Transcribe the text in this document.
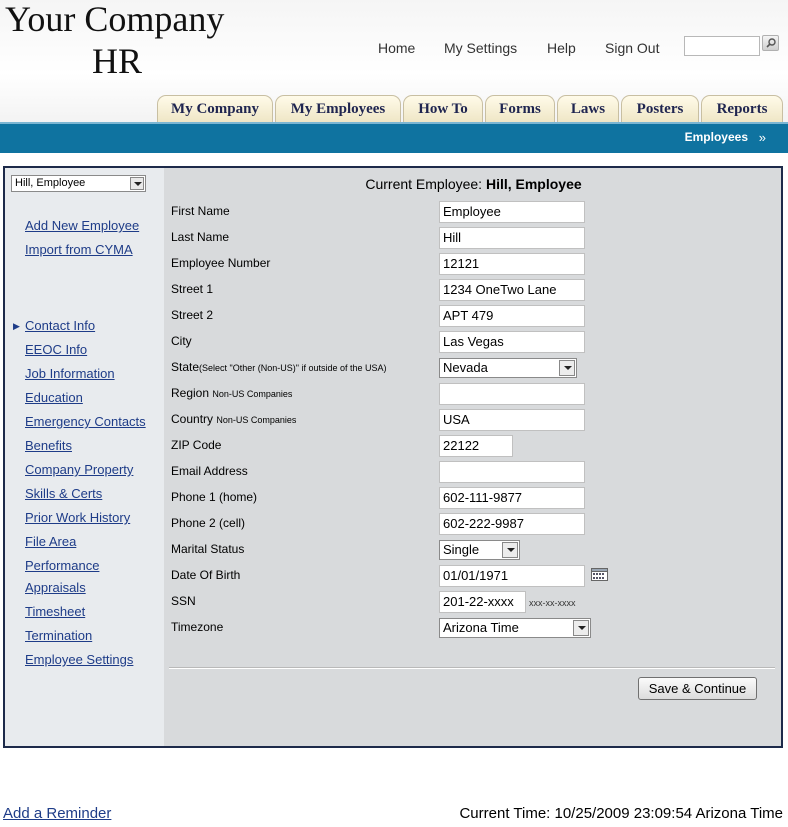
Your Company
HR	Home My Settings Help Sign Out
My Company	My Employees	How To	Forms	Laws	Posters	Reports
Employees »
Hill, Employee
Add New Employee
Import from CYMA
▶ Contact Info
EEOC Info
Job Information
Education
Emergency Contacts
Benefits
Company Property
Skills & Certs
Prior Work History
File Area
Performance
Appraisals
Timesheet
Termination
Employee Settings
Current Employee: Hill, Employee
First Name	Employee
Last Name	Hill
Employee Number	12121
Street 1	1234 OneTwo Lane
Street 2	APT 479
City	Las Vegas
State(Select "Other (Non-US)" if outside of the USA)	Nevada
Region Non-US Companies
Country Non-US Companies	USA
ZIP Code	22122
Email Address
Phone 1 (home)	602-111-9877
Phone 2 (cell)	602-222-9987
Marital Status	Single
Date Of Birth	01/01/1971
SSN	201-22-xxxx	xxx-xx-xxxx
Timezone	Arizona Time
Save & Continue
Add a Reminder	Current Time: 10/25/2009 23:09:54 Arizona Time
